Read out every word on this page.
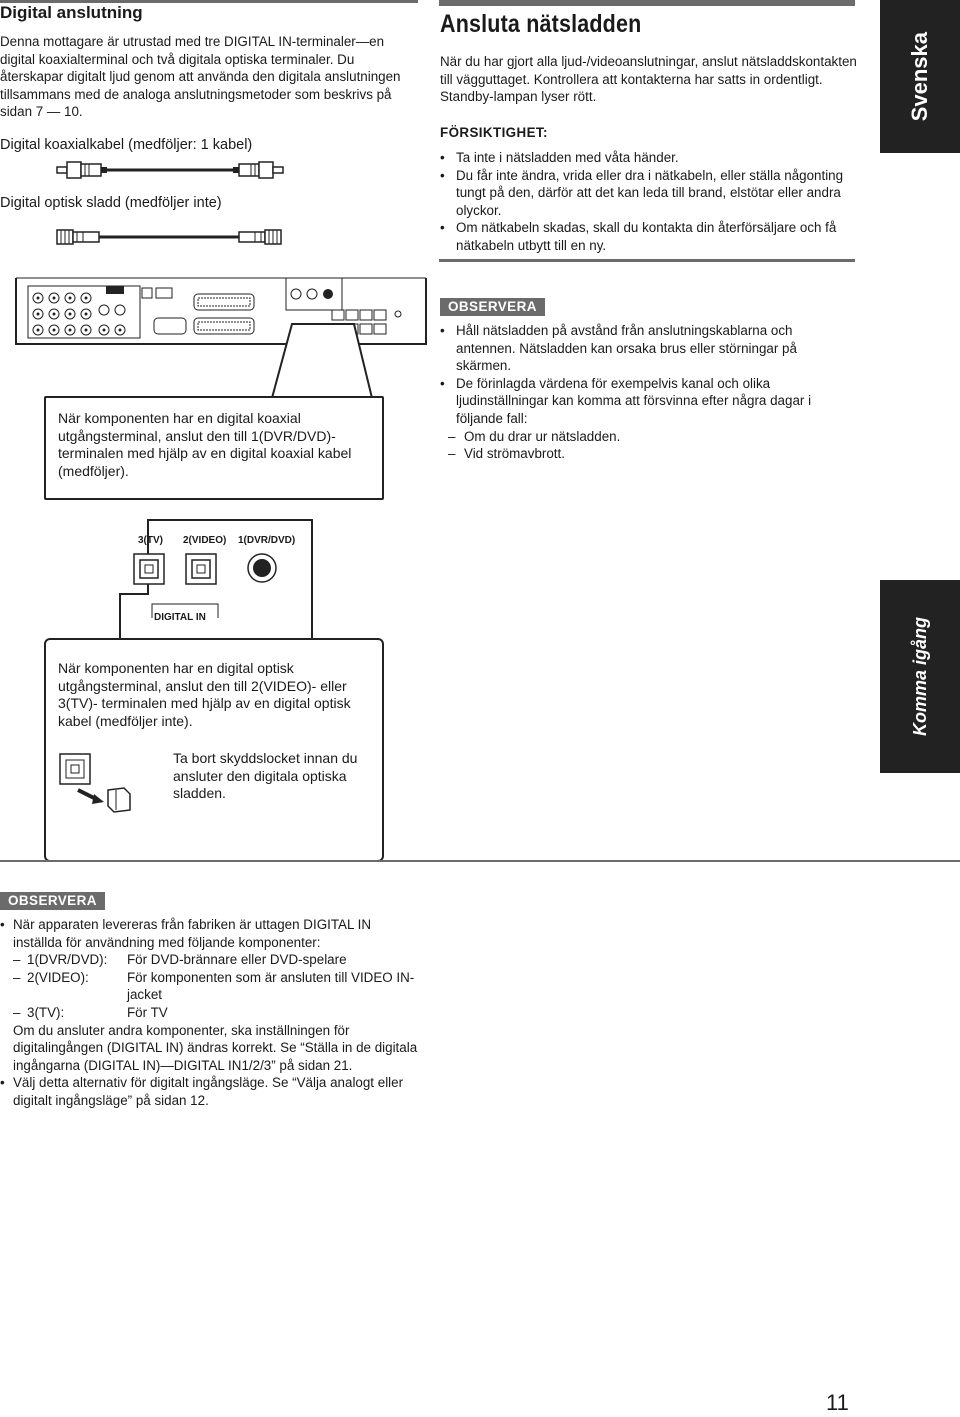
Digital anslutning

Denna mottagare är utrustad med tre DIGITAL IN-terminaler—en digital koaxialterminal och två digitala optiska terminaler. Du återskapar digitalt ljud genom att använda den digitala anslutningen tillsammans med de analoga anslutningsmetoder som beskrivs på sidan 7 — 10.

Digital koaxialkabel (medföljer: 1 kabel)
Digital optisk sladd (medföljer inte)
Ansluta nätsladden

När du har gjort alla ljud-/videoanslutningar, anslut nätsladdskontakten till vägguttaget. Kontrollera att kontakterna har satts in ordentligt. Standby-lampan lyser rött.

FÖRSIKTIGHET:
• Ta inte i nätsladden med våta händer.
• Du får inte ändra, vrida eller dra i nätkabeln, eller ställa någonting tungt på den, därför att det kan leda till brand, elstötar eller andra olyckor.
• Om nätkabeln skadas, skall du kontakta din återförsäljare och få nätkabeln utbytt till en ny.
Svenska
Komma igång
När komponenten har en digital koaxial utgångsterminal, anslut den till 1(DVR/DVD)-terminalen med hjälp av en digital koaxial kabel (medföljer).
OBSERVERA
• Håll nätsladden på avstånd från anslutningskablarna och antennen. Nätsladden kan orsaka brus eller störningar på skärmen.
• De förinlagda värdena för exempelvis kanal och olika ljudinställningar kan komma att försvinna efter några dagar i följande fall:
– Om du drar ur nätsladden.
– Vid strömavbrott.
3(TV) 2(VIDEO) 1(DVR/DVD)
DIGITAL IN
När komponenten har en digital optisk utgångsterminal, anslut den till 2(VIDEO)- eller 3(TV)- terminalen med hjälp av en digital optisk kabel (medföljer inte).
Ta bort skyddslocket innan du ansluter den digitala optiska sladden.
OBSERVERA
• När apparaten levereras från fabriken är uttagen DIGITAL IN inställda för användning med följande komponenter:
– 1(DVR/DVD):	För DVD-brännare eller DVD-spelare
– 2(VIDEO):	För komponenten som är ansluten till VIDEO IN-jacket
– 3(TV):	För TV
Om du ansluter andra komponenter, ska inställningen för digitalingången (DIGITAL IN) ändras korrekt. Se “Ställa in de digitala ingångarna (DIGITAL IN)—DIGITAL IN1/2/3” på sidan 21.
• Välj detta alternativ för digitalt ingångsläge. Se “Välja analogt eller digitalt ingångsläge” på sidan 12.
11
